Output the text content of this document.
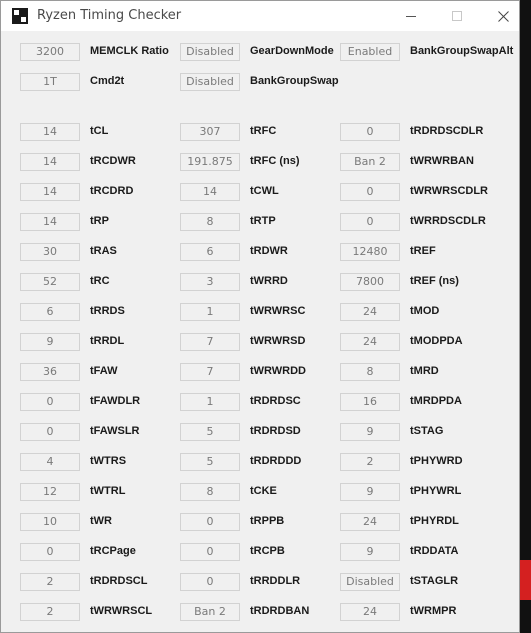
Ryzen Timing Checker
3200	MEMCLK Ratio	Disabled	GearDownMode	Enabled	BankGroupSwapAlt
1T	Cmd2t	Disabled	BankGroupSwap
14	tCL	307	tRFC	0	tRDRDSCDLR
14	tRCDWR	191.875	tRFC (ns)	Ban 2	tWRWRBAN
14	tRCDRD	14	tCWL	0	tWRWRSCDLR
14	tRP	8	tRTP	0	tWRRDSCDLR
30	tRAS	6	tRDWR	12480	tREF
52	tRC	3	tWRRD	7800	tREF (ns)
6	tRRDS	1	tWRWRSC	24	tMOD
9	tRRDL	7	tWRWRSD	24	tMODPDA
36	tFAW	7	tWRWRDD	8	tMRD
0	tFAWDLR	1	tRDRDSC	16	tMRDPDA
0	tFAWSLR	5	tRDRDSD	9	tSTAG
4	tWTRS	5	tRDRDDD	2	tPHYWRD
12	tWTRL	8	tCKE	9	tPHYWRL
10	tWR	0	tRPPB	24	tPHYRDL
0	tRCPage	0	tRCPB	9	tRDDATA
2	tRDRDSCL	0	tRRDDLR	Disabled	tSTAGLR
2	tWRWRSCL	Ban 2	tRDRDBAN	24	tWRMPR
